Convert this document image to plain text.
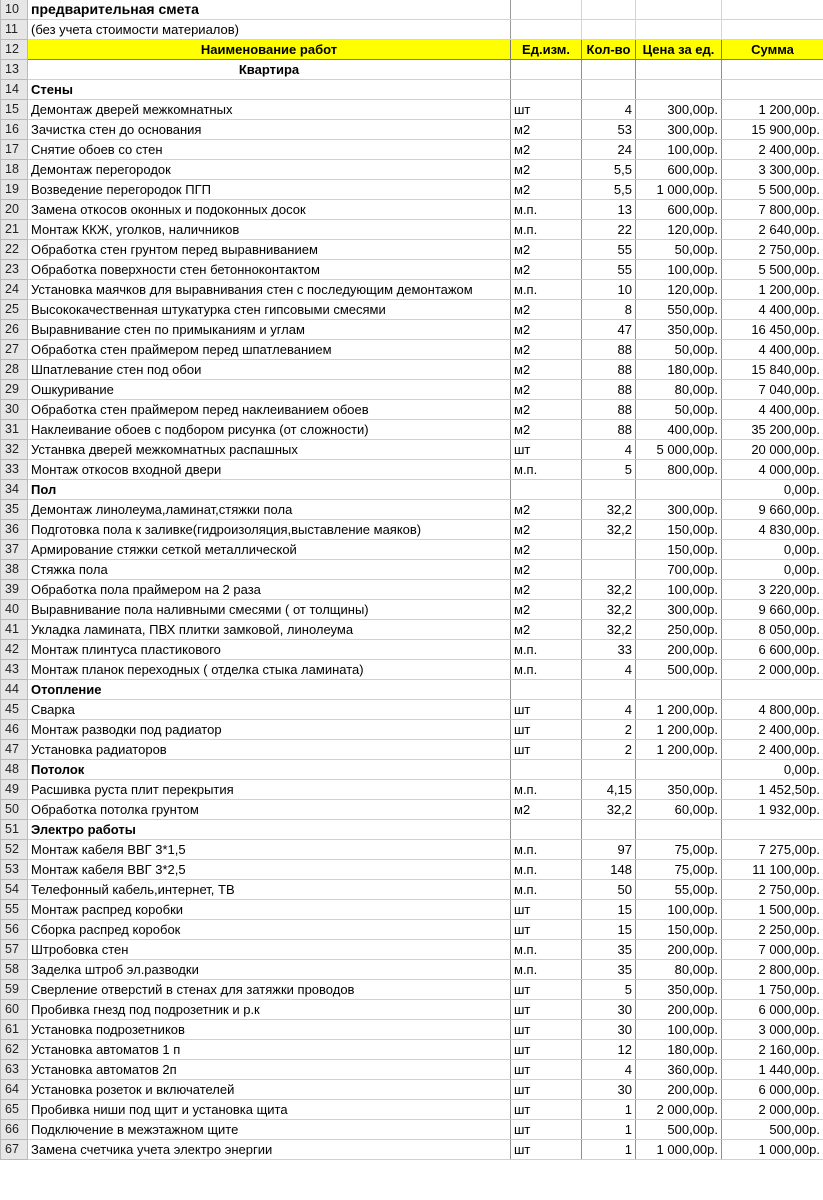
10	предварительная смета				
11	(без учета стоимости материалов)				
12	Наименование работ	Ед.изм.	Кол-во	Цена за ед.	Сумма
13	Квартира				
14	Стены				
15	Демонтаж дверей межкомнатных	шт	4	300,00р.	1 200,00р.
16	Зачистка стен до основания	м2	53	300,00р.	15 900,00р.
17	Снятие обоев со стен	м2	24	100,00р.	2 400,00р.
18	Демонтаж перегородок	м2	5,5	600,00р.	3 300,00р.
19	Возведение перегородок ПГП	м2	5,5	1 000,00р.	5 500,00р.
20	Замена откосов оконных и подоконных досок	м.п.	13	600,00р.	7 800,00р.
21	Монтаж ККЖ, уголков, наличников	м.п.	22	120,00р.	2 640,00р.
22	Обработка стен грунтом перед выравниванием	м2	55	50,00р.	2 750,00р.
23	Обработка поверхности стен бетонноконтактом	м2	55	100,00р.	5 500,00р.
24	Установка маячков для выравнивания стен с последующим демонтажом	м.п.	10	120,00р.	1 200,00р.
25	Высококачественная штукатурка стен гипсовыми смесями	м2	8	550,00р.	4 400,00р.
26	Выравнивание стен по примыканиям и углам	м2	47	350,00р.	16 450,00р.
27	Обработка стен праймером перед шпатлеванием	м2	88	50,00р.	4 400,00р.
28	Шпатлевание стен под обои	м2	88	180,00р.	15 840,00р.
29	Ошкуривание	м2	88	80,00р.	7 040,00р.
30	Обработка стен праймером перед наклеиванием обоев	м2	88	50,00р.	4 400,00р.
31	Наклеивание обоев с подбором рисунка (от сложности)	м2	88	400,00р.	35 200,00р.
32	Устанвка дверей межкомнатных распашных	шт	4	5 000,00р.	20 000,00р.
33	Монтаж откосов входной двери	м.п.	5	800,00р.	4 000,00р.
34	Пол				0,00р.
35	Демонтаж линолеума,ламинат,стяжки пола	м2	32,2	300,00р.	9 660,00р.
36	Подготовка пола к заливке(гидроизоляция,выставление маяков)	м2	32,2	150,00р.	4 830,00р.
37	Армирование стяжки сеткой металлической	м2		150,00р.	0,00р.
38	Стяжка пола	м2		700,00р.	0,00р.
39	Обработка пола праймером на 2 раза	м2	32,2	100,00р.	3 220,00р.
40	Выравнивание пола наливными смесями ( от толщины)	м2	32,2	300,00р.	9 660,00р.
41	Укладка ламината, ПВХ плитки замковой, линолеума	м2	32,2	250,00р.	8 050,00р.
42	Монтаж плинтуса пластикового	м.п.	33	200,00р.	6 600,00р.
43	Монтаж планок переходных ( отделка стыка ламината)	м.п.	4	500,00р.	2 000,00р.
44	Отопление				
45	Сварка	шт	4	1 200,00р.	4 800,00р.
46	Монтаж разводки под радиатор	шт	2	1 200,00р.	2 400,00р.
47	Установка радиаторов	шт	2	1 200,00р.	2 400,00р.
48	Потолок				0,00р.
49	Расшивка руста плит перекрытия	м.п.	4,15	350,00р.	1 452,50р.
50	Обработка потолка грунтом	м2	32,2	60,00р.	1 932,00р.
51	Электро работы				
52	Монтаж кабеля ВВГ 3*1,5	м.п.	97	75,00р.	7 275,00р.
53	Монтаж кабеля ВВГ 3*2,5	м.п.	148	75,00р.	11 100,00р.
54	Телефонный кабель,интернет, ТВ	м.п.	50	55,00р.	2 750,00р.
55	Монтаж распред коробки	шт	15	100,00р.	1 500,00р.
56	Сборка распред коробок	шт	15	150,00р.	2 250,00р.
57	Штробовка стен	м.п.	35	200,00р.	7 000,00р.
58	Заделка штроб эл.разводки	м.п.	35	80,00р.	2 800,00р.
59	Сверление отверстий в стенах для затяжки проводов	шт	5	350,00р.	1 750,00р.
60	Пробивка гнезд под подрозетник и р.к	шт	30	200,00р.	6 000,00р.
61	Установка подрозетников	шт	30	100,00р.	3 000,00р.
62	Установка автоматов 1 п	шт	12	180,00р.	2 160,00р.
63	Установка автоматов 2п	шт	4	360,00р.	1 440,00р.
64	Установка розеток и включателей	шт	30	200,00р.	6 000,00р.
65	Пробивка ниши под щит и установка щита	шт	1	2 000,00р.	2 000,00р.
66	Подключение в межэтажном щите	шт	1	500,00р.	500,00р.
67	Замена счетчика учета электро энергии	шт	1	1 000,00р.	1 000,00р.
